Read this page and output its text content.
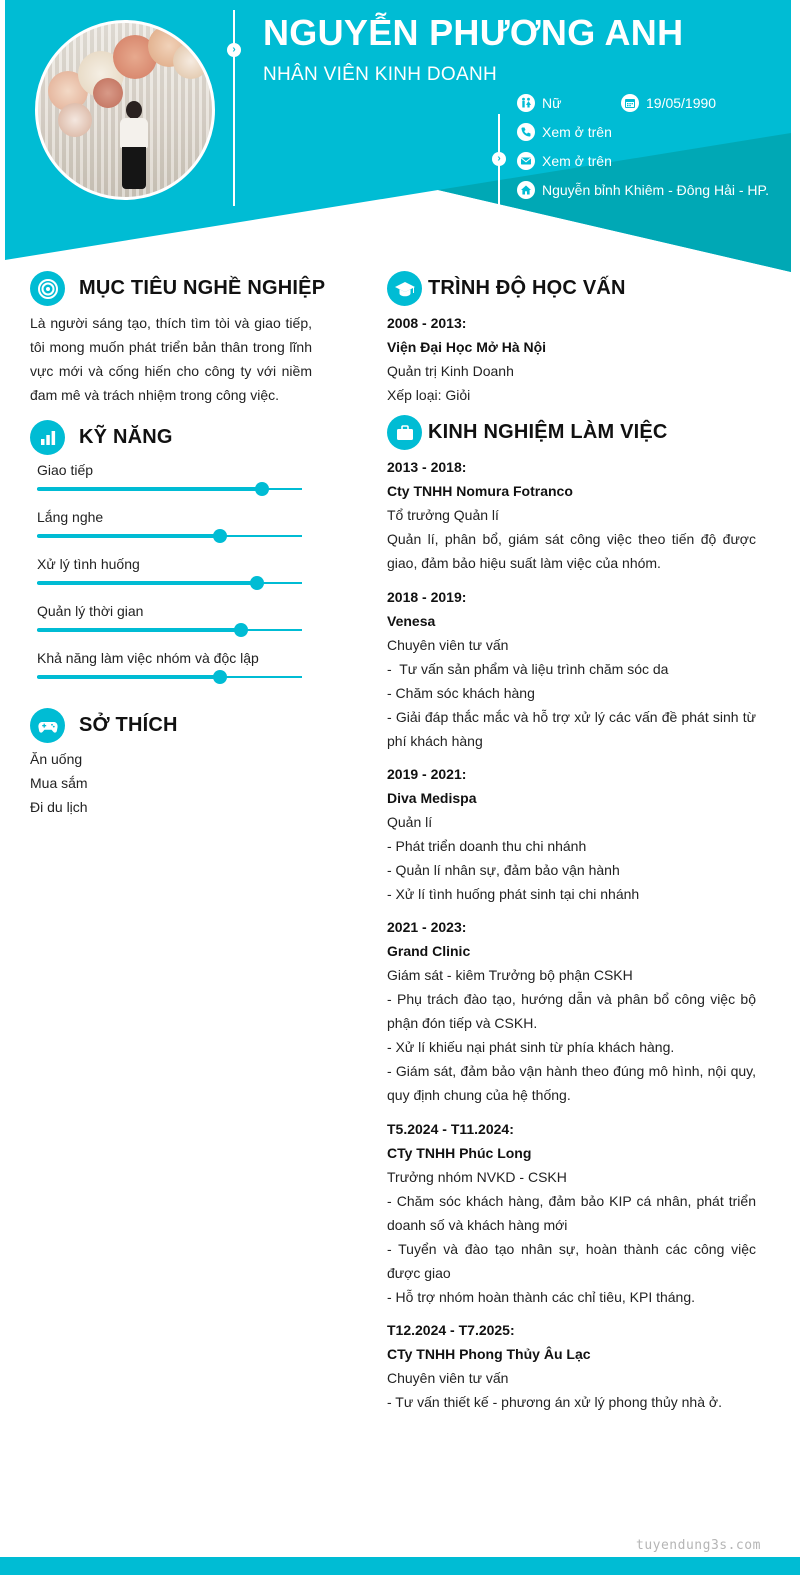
› NGUYỄN PHƯƠNG ANH
NHÂN VIÊN KINH DOANH
›
Nữ	19/05/1990
Xem ở trên
Xem ở trên
Nguyễn bỉnh Khiêm - Đông Hải - HP.
MỤC TIÊU NGHỀ NGHIỆP
Là người sáng tạo, thích tìm tòi và giao tiếp, tôi mong muốn phát triển bản thân trong lĩnh vực mới và cống hiến cho công ty với niềm đam mê và trách nhiệm trong công việc.
KỸ NĂNG
Giao tiếp
Lắng nghe
Xử lý tình huống
Quản lý thời gian
Khả năng làm việc nhóm và độc lập
SỞ THÍCH
Ăn uống
Mua sắm
Đi du lịch
TRÌNH ĐỘ HỌC VẤN
2008 - 2013:
Viện Đại Học Mở Hà Nội
Quản trị Kinh Doanh
Xếp loại: Giỏi
KINH NGHIỆM LÀM VIỆC
2013 - 2018:
Cty TNHH Nomura Fotranco
Tổ trưởng Quản lí
Quản lí, phân bổ, giám sát công việc theo tiến độ được giao, đảm bảo hiệu suất làm việc của nhóm.
2018 - 2019:
Venesa
Chuyên viên tư vấn
-  Tư vấn sản phẩm và liệu trình chăm sóc da
- Chăm sóc khách hàng
- Giải đáp thắc mắc và hỗ trợ xử lý các vấn đề phát sinh từ phí khách hàng
2019 - 2021:
Diva Medispa
Quản lí
- Phát triển doanh thu chi nhánh
- Quản lí nhân sự, đảm bảo vận hành
- Xử lí tình huống phát sinh tại chi nhánh
2021 - 2023:
Grand Clinic
Giám sát - kiêm Trưởng bộ phận CSKH
- Phụ trách đào tạo, hướng dẫn và phân bổ công việc bộ phận đón tiếp và CSKH.
- Xử lí khiếu nại phát sinh từ phía khách hàng.
- Giám sát, đảm bảo vận hành theo đúng mô hình, nội quy, quy định chung của hệ thống.
T5.2024 - T11.2024:
CTy TNHH Phúc Long
Trưởng nhóm NVKD - CSKH
- Chăm sóc khách hàng, đảm bảo KIP cá nhân, phát triển doanh số và khách hàng mới
- Tuyển và đào tạo nhân sự, hoàn thành các công việc được giao
- Hỗ trợ nhóm hoàn thành các chỉ tiêu, KPI tháng.
T12.2024 - T7.2025:
CTy TNHH Phong Thủy Âu Lạc
Chuyên viên tư vấn
- Tư vấn thiết kế - phương án xử lý phong thủy nhà ở.
tuyendung3s.com
